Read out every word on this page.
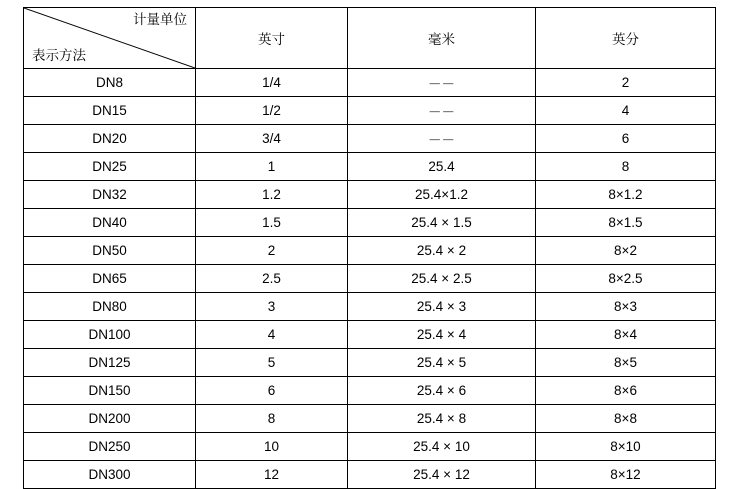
计量单位
表示方法	英寸	毫米	英分
DN8	1/4	－－	2
DN15	1/2	－－	4
DN20	3/4	－－	6
DN25	1	25.4	8
DN32	1.2	25.4×1.2	8×1.2
DN40	1.5	25.4 × 1.5	8×1.5
DN50	2	25.4 × 2	8×2
DN65	2.5	25.4 × 2.5	8×2.5
DN80	3	25.4 × 3	8×3
DN100	4	25.4 × 4	8×4
DN125	5	25.4 × 5	8×5
DN150	6	25.4 × 6	8×6
DN200	8	25.4 × 8	8×8
DN250	10	25.4 × 10	8×10
DN300	12	25.4 × 12	8×12
